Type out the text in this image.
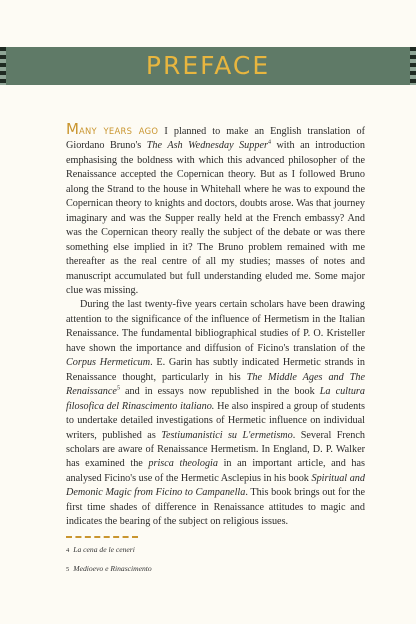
PREFACE

MANY YEARS AGO I planned to make an English translation of Giordano Bruno's The Ash Wednesday Supper$^4$ with an introduction emphasising the boldness with which this advanced philosopher of the Renaissance accepted the Copernican theory. But as I followed Bruno along the Strand to the house in Whitehall where he was to expound the Copernican theory to knights and doctors, doubts arose. Was that journey imaginary and was the Supper really held at the French embassy? And was the Copernican theory really the subject of the debate or was there something else implied in it? The Bruno problem remained with me thereafter as the real centre of all my studies; masses of notes and manuscript accumulated but full understanding eluded me. Some major clue was missing.

During the last twenty-five years certain scholars have been drawing attention to the significance of the influence of Hermetism in the Italian Renaissance. The fundamental bibliographical studies of P. O. Kristeller have shown the importance and diffusion of Ficino's translation of the Corpus Hermeticum. E. Garin has subtly indicated Hermetic strands in Renaissance thought, particularly in his The Middle Ages and The Renaissance$^5$ and in essays now republished in the book La cultura filosofica del Rinascimento italiano. He also inspired a group of students to undertake detailed investigations of Hermetic influence on individual writers, published as Testiumanistici su L'ermetismo. Several French scholars are aware of Renaissance Hermetism. In England, D. P. Walker has examined the prisca theologia in an important article, and has analysed Ficino's use of the Hermetic Asclepius in his book Spiritual and Demonic Magic from Ficino to Campanella. This book brings out for the first time shades of difference in Renaissance attitudes to magic and indicates the bearing of the subject on religious issues.

4 La cena de le ceneri
5 Medioevo e Rinascimento
